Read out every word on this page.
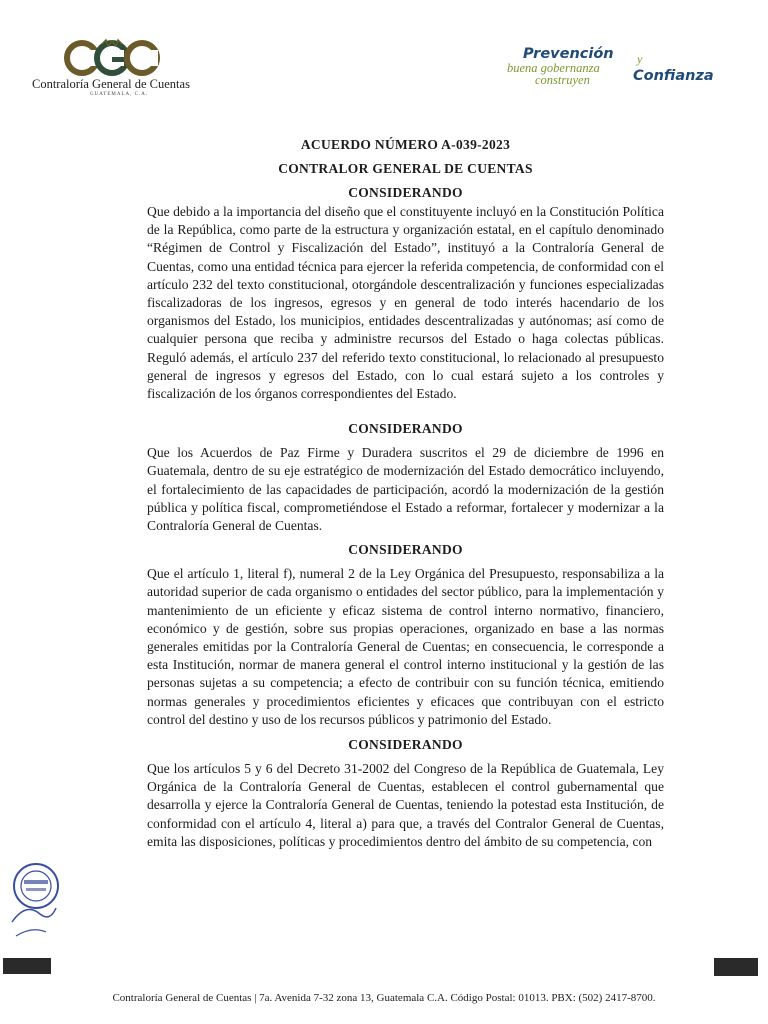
Contraloría General de Cuentas
GUATEMALA, C.A.
Prevención y
buena gobernanza
construyen	Confianza

ACUERDO NÚMERO A-039-2023

CONTRALOR GENERAL DE CUENTAS

CONSIDERANDO

Que debido a la importancia del diseño que el constituyente incluyó en la Constitución Política de la República, como parte de la estructura y organización estatal, en el capítulo denominado “Régimen de Control y Fiscalización del Estado”, instituyó a la Contraloría General de Cuentas, como una entidad técnica para ejercer la referida competencia, de conformidad con el artículo 232 del texto constitucional, otorgándole descentralización y funciones especializadas fiscalizadoras de los ingresos, egresos y en general de todo interés hacendario de los organismos del Estado, los municipios, entidades descentralizadas y autónomas; así como de cualquier persona que reciba y administre recursos del Estado o haga colectas públicas. Reguló además, el artículo 237 del referido texto constitucional, lo relacionado al presupuesto general de ingresos y egresos del Estado, con lo cual estará sujeto a los controles y fiscalización de los órganos correspondientes del Estado.

CONSIDERANDO

Que los Acuerdos de Paz Firme y Duradera suscritos el 29 de diciembre de 1996 en Guatemala, dentro de su eje estratégico de modernización del Estado democrático incluyendo, el fortalecimiento de las capacidades de participación, acordó la modernización de la gestión pública y política fiscal, comprometiéndose el Estado a reformar, fortalecer y modernizar a la Contraloría General de Cuentas.

CONSIDERANDO

Que el artículo 1, literal f), numeral 2 de la Ley Orgánica del Presupuesto, responsabiliza a la autoridad superior de cada organismo o entidades del sector público, para la implementación y mantenimiento de un eficiente y eficaz sistema de control interno normativo, financiero, económico y de gestión, sobre sus propias operaciones, organizado en base a las normas generales emitidas por la Contraloría General de Cuentas; en consecuencia, le corresponde a esta Institución, normar de manera general el control interno institucional y la gestión de las personas sujetas a su competencia; a efecto de contribuir con su función técnica, emitiendo normas generales y procedimientos eficientes y eficaces que contribuyan con el estricto control del destino y uso de los recursos públicos y patrimonio del Estado.

CONSIDERANDO

Que los artículos 5 y 6 del Decreto 31-2002 del Congreso de la República de Guatemala, Ley Orgánica de la Contraloría General de Cuentas, establecen el control gubernamental que desarrolla y ejerce la Contraloría General de Cuentas, teniendo la potestad esta Institución, de conformidad con el artículo 4, literal a) para que, a través del Contralor General de Cuentas, emita las disposiciones, políticas y procedimientos dentro del ámbito de su competencia, con

Contraloría General de Cuentas | 7a. Avenida 7-32 zona 13, Guatemala C.A. Código Postal: 01013. PBX: (502) 2417-8700.
